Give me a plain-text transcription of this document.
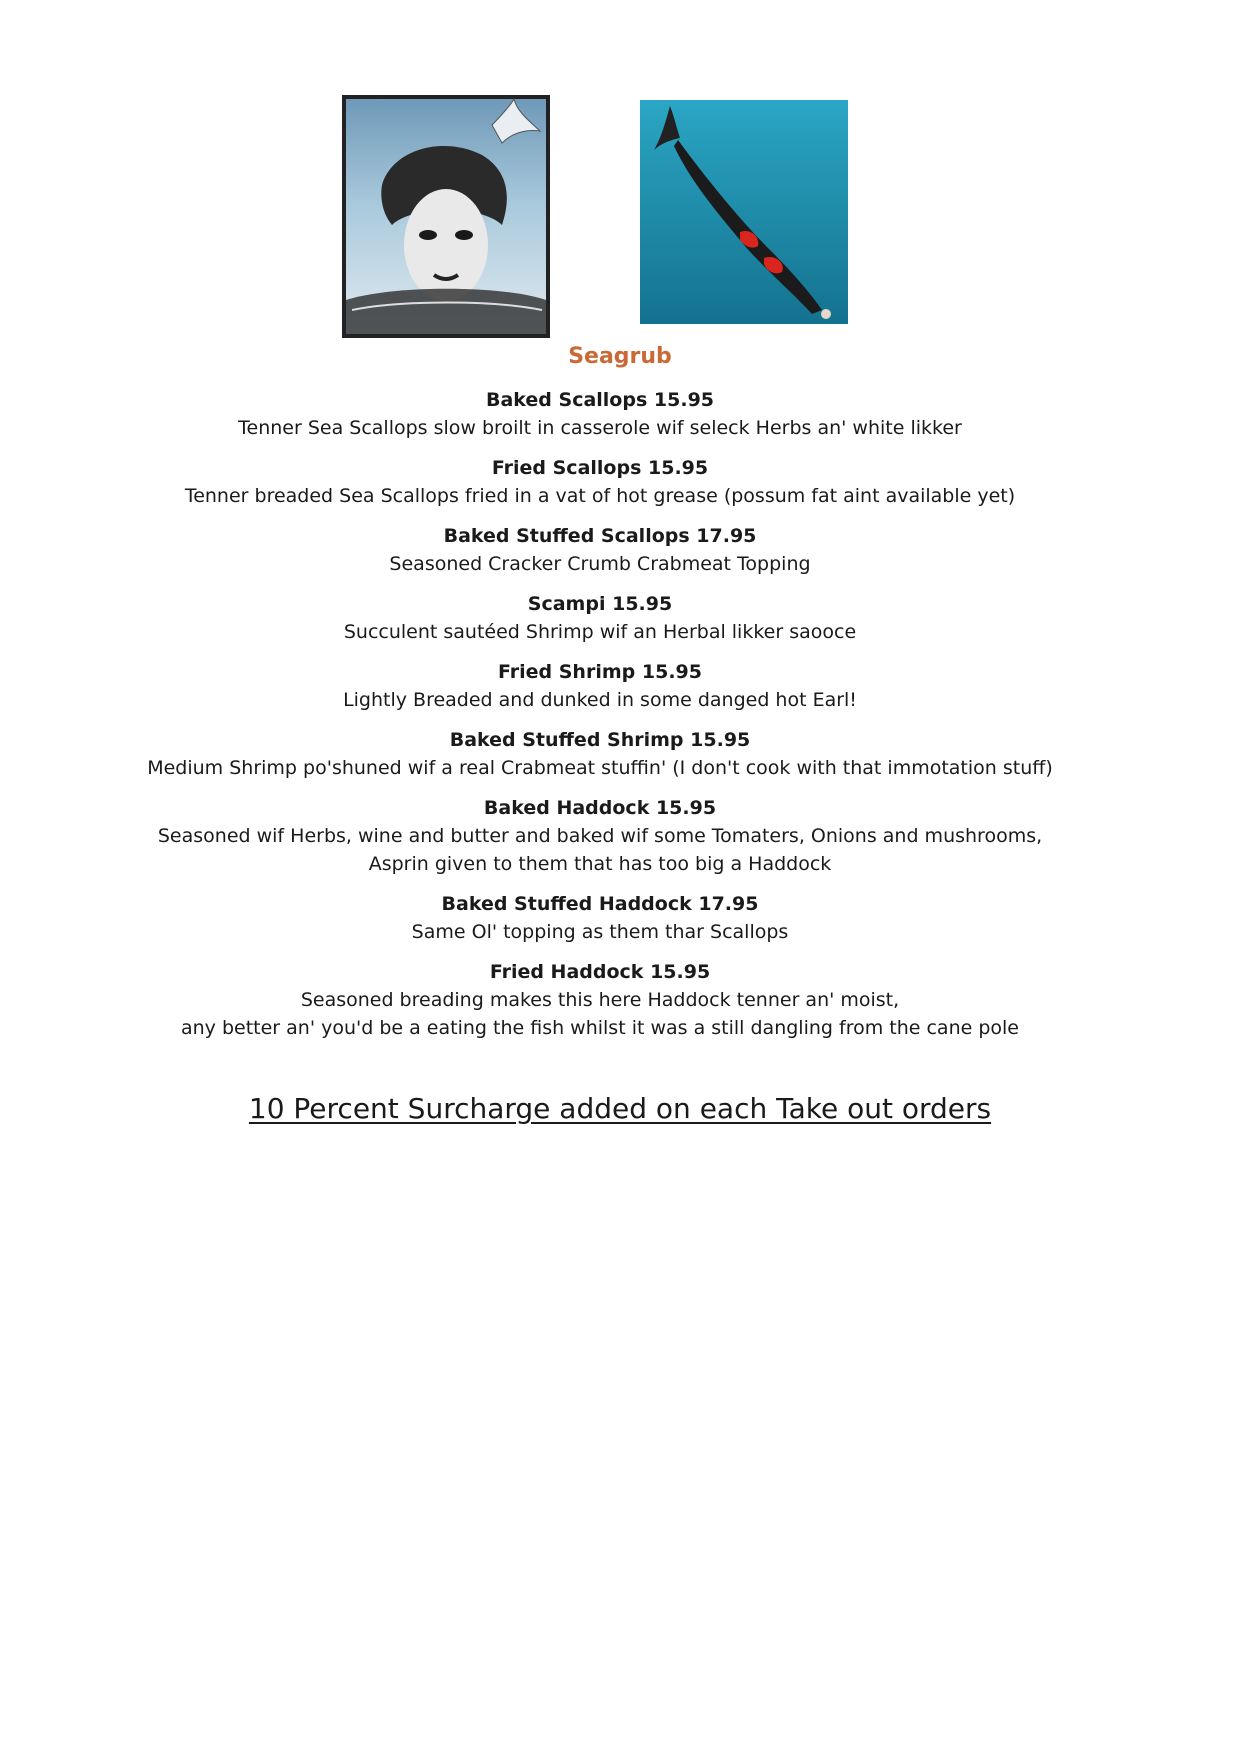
Seagrub
Baked Scallops 15.95
Tenner Sea Scallops slow broilt in casserole wif seleck Herbs an' white likker
Fried Scallops 15.95
Tenner breaded Sea Scallops fried in a vat of hot grease (possum fat aint available yet)
Baked Stuffed Scallops 17.95
Seasoned Cracker Crumb Crabmeat Topping
Scampi 15.95
Succulent sautéed Shrimp wif an Herbal likker saooce
Fried Shrimp 15.95
Lightly Breaded and dunked in some danged hot Earl!
Baked Stuffed Shrimp 15.95
Medium Shrimp po'shuned wif a real Crabmeat stuffin' (I don't cook with that immotation stuff)
Baked Haddock 15.95
Seasoned wif Herbs, wine and butter and baked wif some Tomaters, Onions and mushrooms,
Asprin given to them that has too big a Haddock
Baked Stuffed Haddock 17.95
Same Ol' topping as them thar Scallops
Fried Haddock 15.95
Seasoned breading makes this here Haddock tenner an' moist,
any better an' you'd be a eating the fish whilst it was a still dangling from the cane pole
10 Percent Surcharge added on each Take out orders
